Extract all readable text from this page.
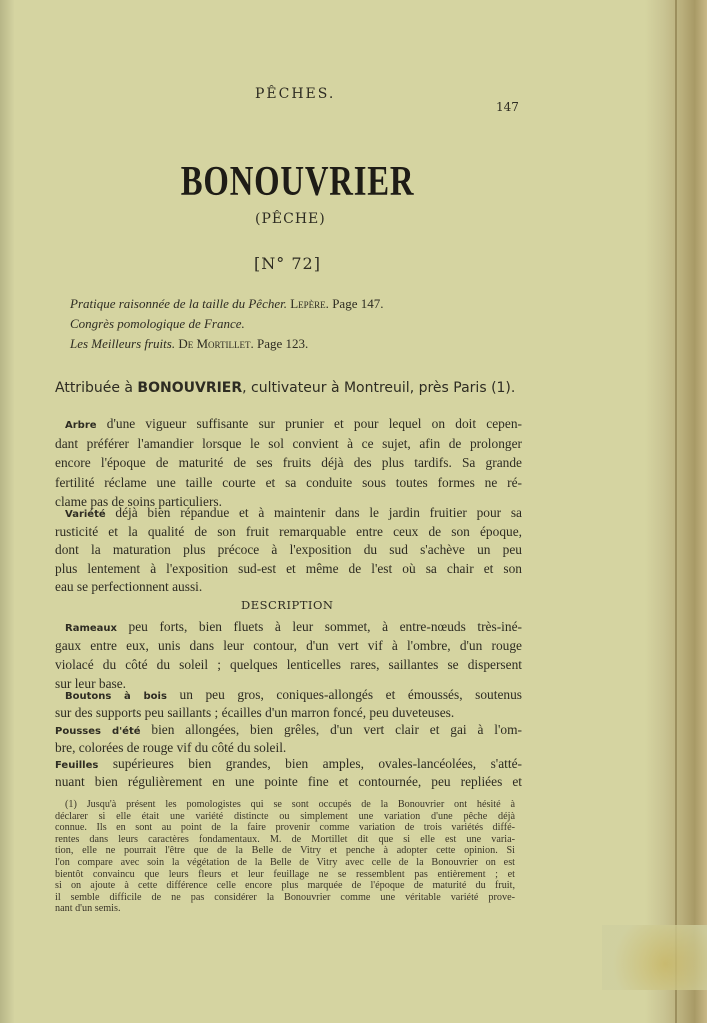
PÊCHES.
147
BONOUVRIER
(PÊCHE)
[N° 72]
Pratique raisonnée de la taille du Pêcher. Lepère. Page 147.
Congrès pomologique de France.
Les Meilleurs fruits. De Mortillet. Page 123.
Attribuée à BONOUVRIER, cultivateur à Montreuil, près Paris (1).
DESCRIPTION
Arbre d'une vigueur suffisante sur prunier et pour lequel on doit cepen-
dant préférer l'amandier lorsque le sol convient à ce sujet, afin de prolonger
encore l'époque de maturité de ses fruits déjà des plus tardifs. Sa grande
fertilité réclame une taille courte et sa conduite sous toutes formes ne ré-
clame pas de soins particuliers.
Variété déjà bien répandue et à maintenir dans le jardin fruitier pour sa
rusticité et la qualité de son fruit remarquable entre ceux de son époque,
dont la maturation plus précoce à l'exposition du sud s'achève un peu
plus lentement à l'exposition sud-est et même de l'est où sa chair et son
eau se perfectionnent aussi.
Rameaux peu forts, bien fluets à leur sommet, à entre-nœuds très-iné-
gaux entre eux, unis dans leur contour, d'un vert vif à l'ombre, d'un rouge
violacé du côté du soleil ; quelques lenticelles rares, saillantes se dispersent
sur leur base.
Boutons à bois un peu gros, coniques-allongés et émoussés, soutenus
sur des supports peu saillants ; écailles d'un marron foncé, peu duveteuses.
Pousses d'été bien allongées, bien grêles, d'un vert clair et gai à l'om-
bre, colorées de rouge vif du côté du soleil.
Feuilles supérieures bien grandes, bien amples, ovales-lancéolées, s'atté-
nuant bien régulièrement en une pointe fine et contournée, peu repliées et
(1) Jusqu'à présent les pomologistes qui se sont occupés de la Bonouvrier ont hésité à
déclarer si elle était une variété distincte ou simplement une variation d'une pêche déjà
connue. Ils en sont au point de la faire provenir comme variation de trois variétés diffé-
rentes dans leurs caractères fondamentaux. M. de Mortillet dit que si elle est une varia-
tion, elle ne pourrait l'être que de la Belle de Vitry et penche à adopter cette opinion. Si
l'on compare avec soin la végétation de la Belle de Vitry avec celle de la Bonouvrier on est
bientôt convaincu que leurs fleurs et leur feuillage ne se ressemblent pas entièrement ; et
si on ajoute à cette différence celle encore plus marquée de l'époque de maturité du fruit,
il semble difficile de ne pas considérer la Bonouvrier comme une véritable variété prove-
nant d'un semis.
